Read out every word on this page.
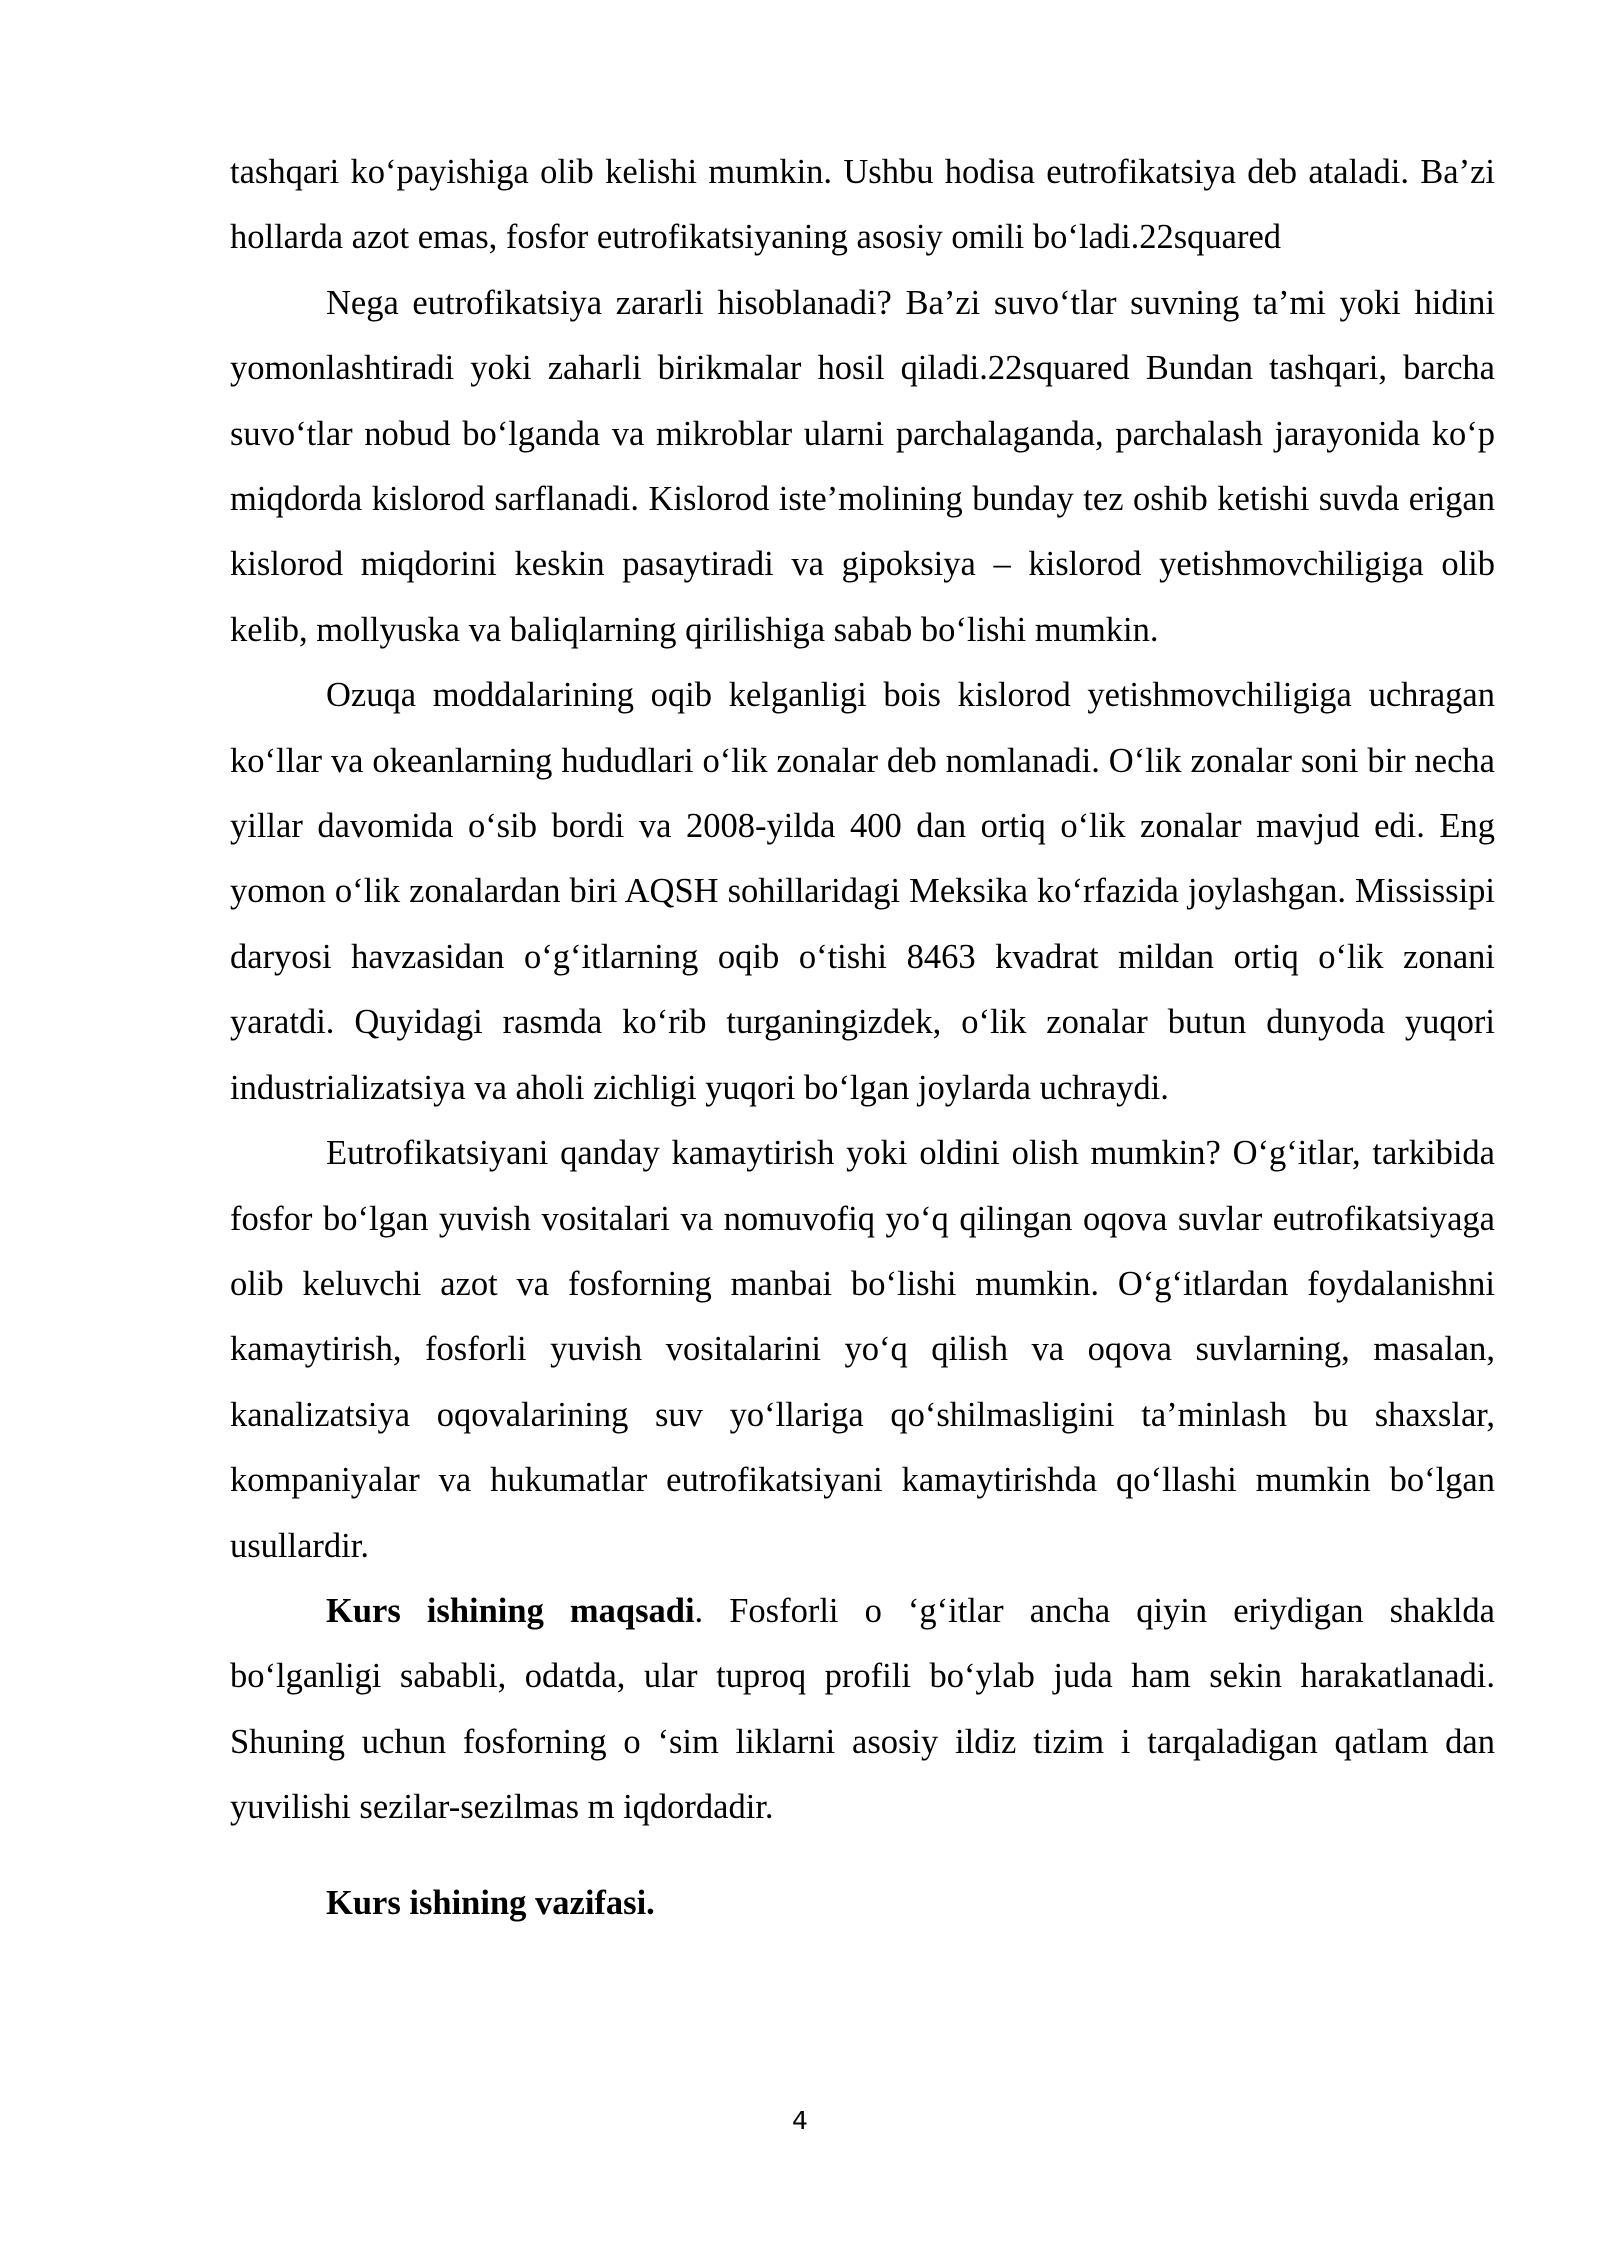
tashqari ko‘payishiga olib kelishi mumkin. Ushbu hodisa eutrofikatsiya deb ataladi. Ba’zi hollarda azot emas, fosfor eutrofikatsiyaning asosiy omili bo‘ladi.22squared

Nega eutrofikatsiya zararli hisoblanadi? Ba’zi suvo‘tlar suvning ta’mi yoki hidini yomonlashtiradi yoki zaharli birikmalar hosil qiladi.22squared Bundan tashqari, barcha suvo‘tlar nobud bo‘lganda va mikroblar ularni parchalaganda, parchalash jarayonida ko‘p miqdorda kislorod sarflanadi. Kislorod iste’molining bunday tez oshib ketishi suvda erigan kislorod miqdorini keskin pasaytiradi va gipoksiya – kislorod yetishmovchiligiga olib kelib, mollyuska va baliqlarning qirilishiga sabab bo‘lishi mumkin.

Ozuqa moddalarining oqib kelganligi bois kislorod yetishmovchiligiga uchragan ko‘llar va okeanlarning hududlari o‘lik zonalar deb nomlanadi. O‘lik zonalar soni bir necha yillar davomida o‘sib bordi va 2008-yilda 400 dan ortiq o‘lik zonalar mavjud edi. Eng yomon o‘lik zonalardan biri AQSH sohillaridagi Meksika ko‘rfazida joylashgan. Mississipi daryosi havzasidan o‘g‘itlarning oqib o‘tishi 8463 kvadrat mildan ortiq o‘lik zonani yaratdi. Quyidagi rasmda ko‘rib turganingizdek, o‘lik zonalar butun dunyoda yuqori industrializatsiya va aholi zichligi yuqori bo‘lgan joylarda uchraydi.

Eutrofikatsiyani qanday kamaytirish yoki oldini olish mumkin? O‘g‘itlar, tarkibida fosfor bo‘lgan yuvish vositalari va nomuvofiq yo‘q qilingan oqova suvlar eutrofikatsiyaga olib keluvchi azot va fosforning manbai bo‘lishi mumkin. O‘g‘itlardan foydalanishni kamaytirish, fosforli yuvish vositalarini yo‘q qilish va oqova suvlarning, masalan, kanalizatsiya oqovalarining suv yo‘llariga qo‘shilmasligini ta’minlash bu shaxslar, kompaniyalar va hukumatlar eutrofikatsiyani kamaytirishda qo‘llashi mumkin bo‘lgan usullardir.

Kurs ishining maqsadi. Fosforli o ‘g‘itlar ancha qiyin eriydigan shaklda bo‘lganligi sababli, odatda, ular tuproq profili bo‘ylab juda ham sekin harakatlanadi. Shuning uchun fosforning o ‘sim liklarni asosiy ildiz tizim i tarqaladigan qatlam dan yuvilishi sezilar-sezilmas m iqdordadir.

Kurs ishining vazifasi.

4
